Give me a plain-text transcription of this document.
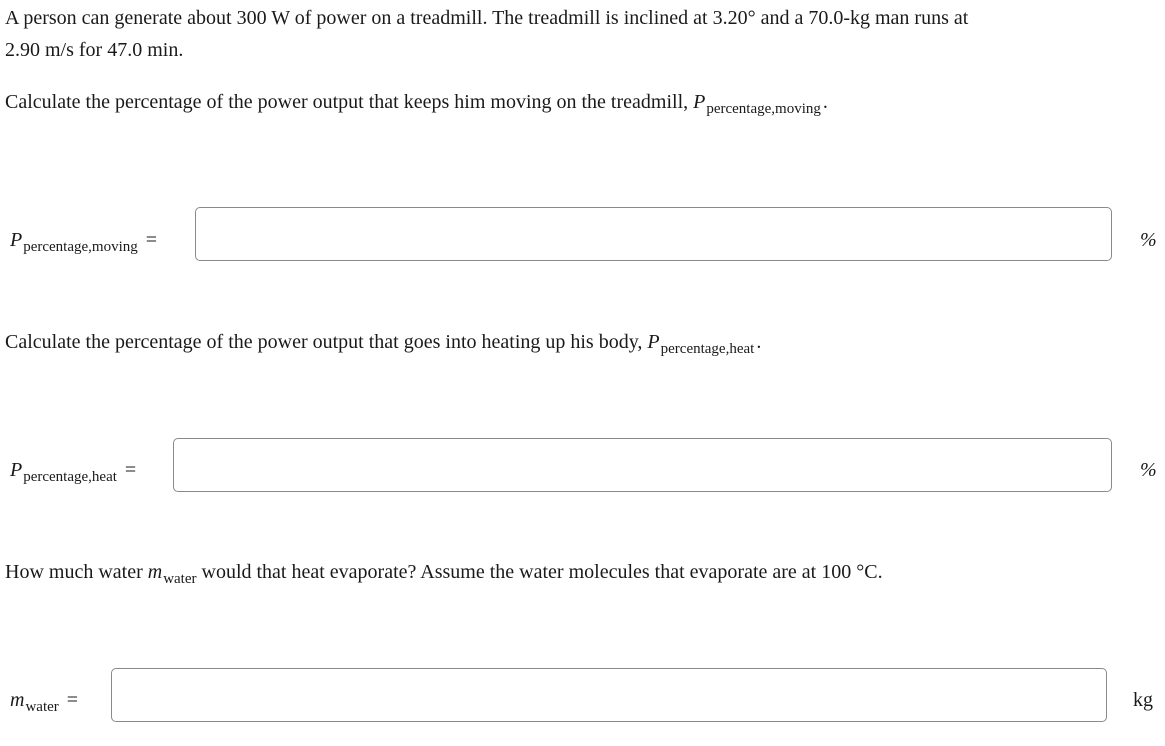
A person can generate about 300 W of power on a treadmill. The treadmill is inclined at 3.20° and a 70.0-kg man runs at
2.90 m/s for 47.0 min.

Calculate the percentage of the power output that keeps him moving on the treadmill, $P_{percentage,moving}$ .

$P_{percentage,moving}$ =	%

Calculate the percentage of the power output that goes into heating up his body, $P_{percentage,heat}$ .

$P_{percentage,heat}$ =	%

How much water $m_{water}$ would that heat evaporate? Assume the water molecules that evaporate are at 100 °C.

$m_{water}$ =	kg
